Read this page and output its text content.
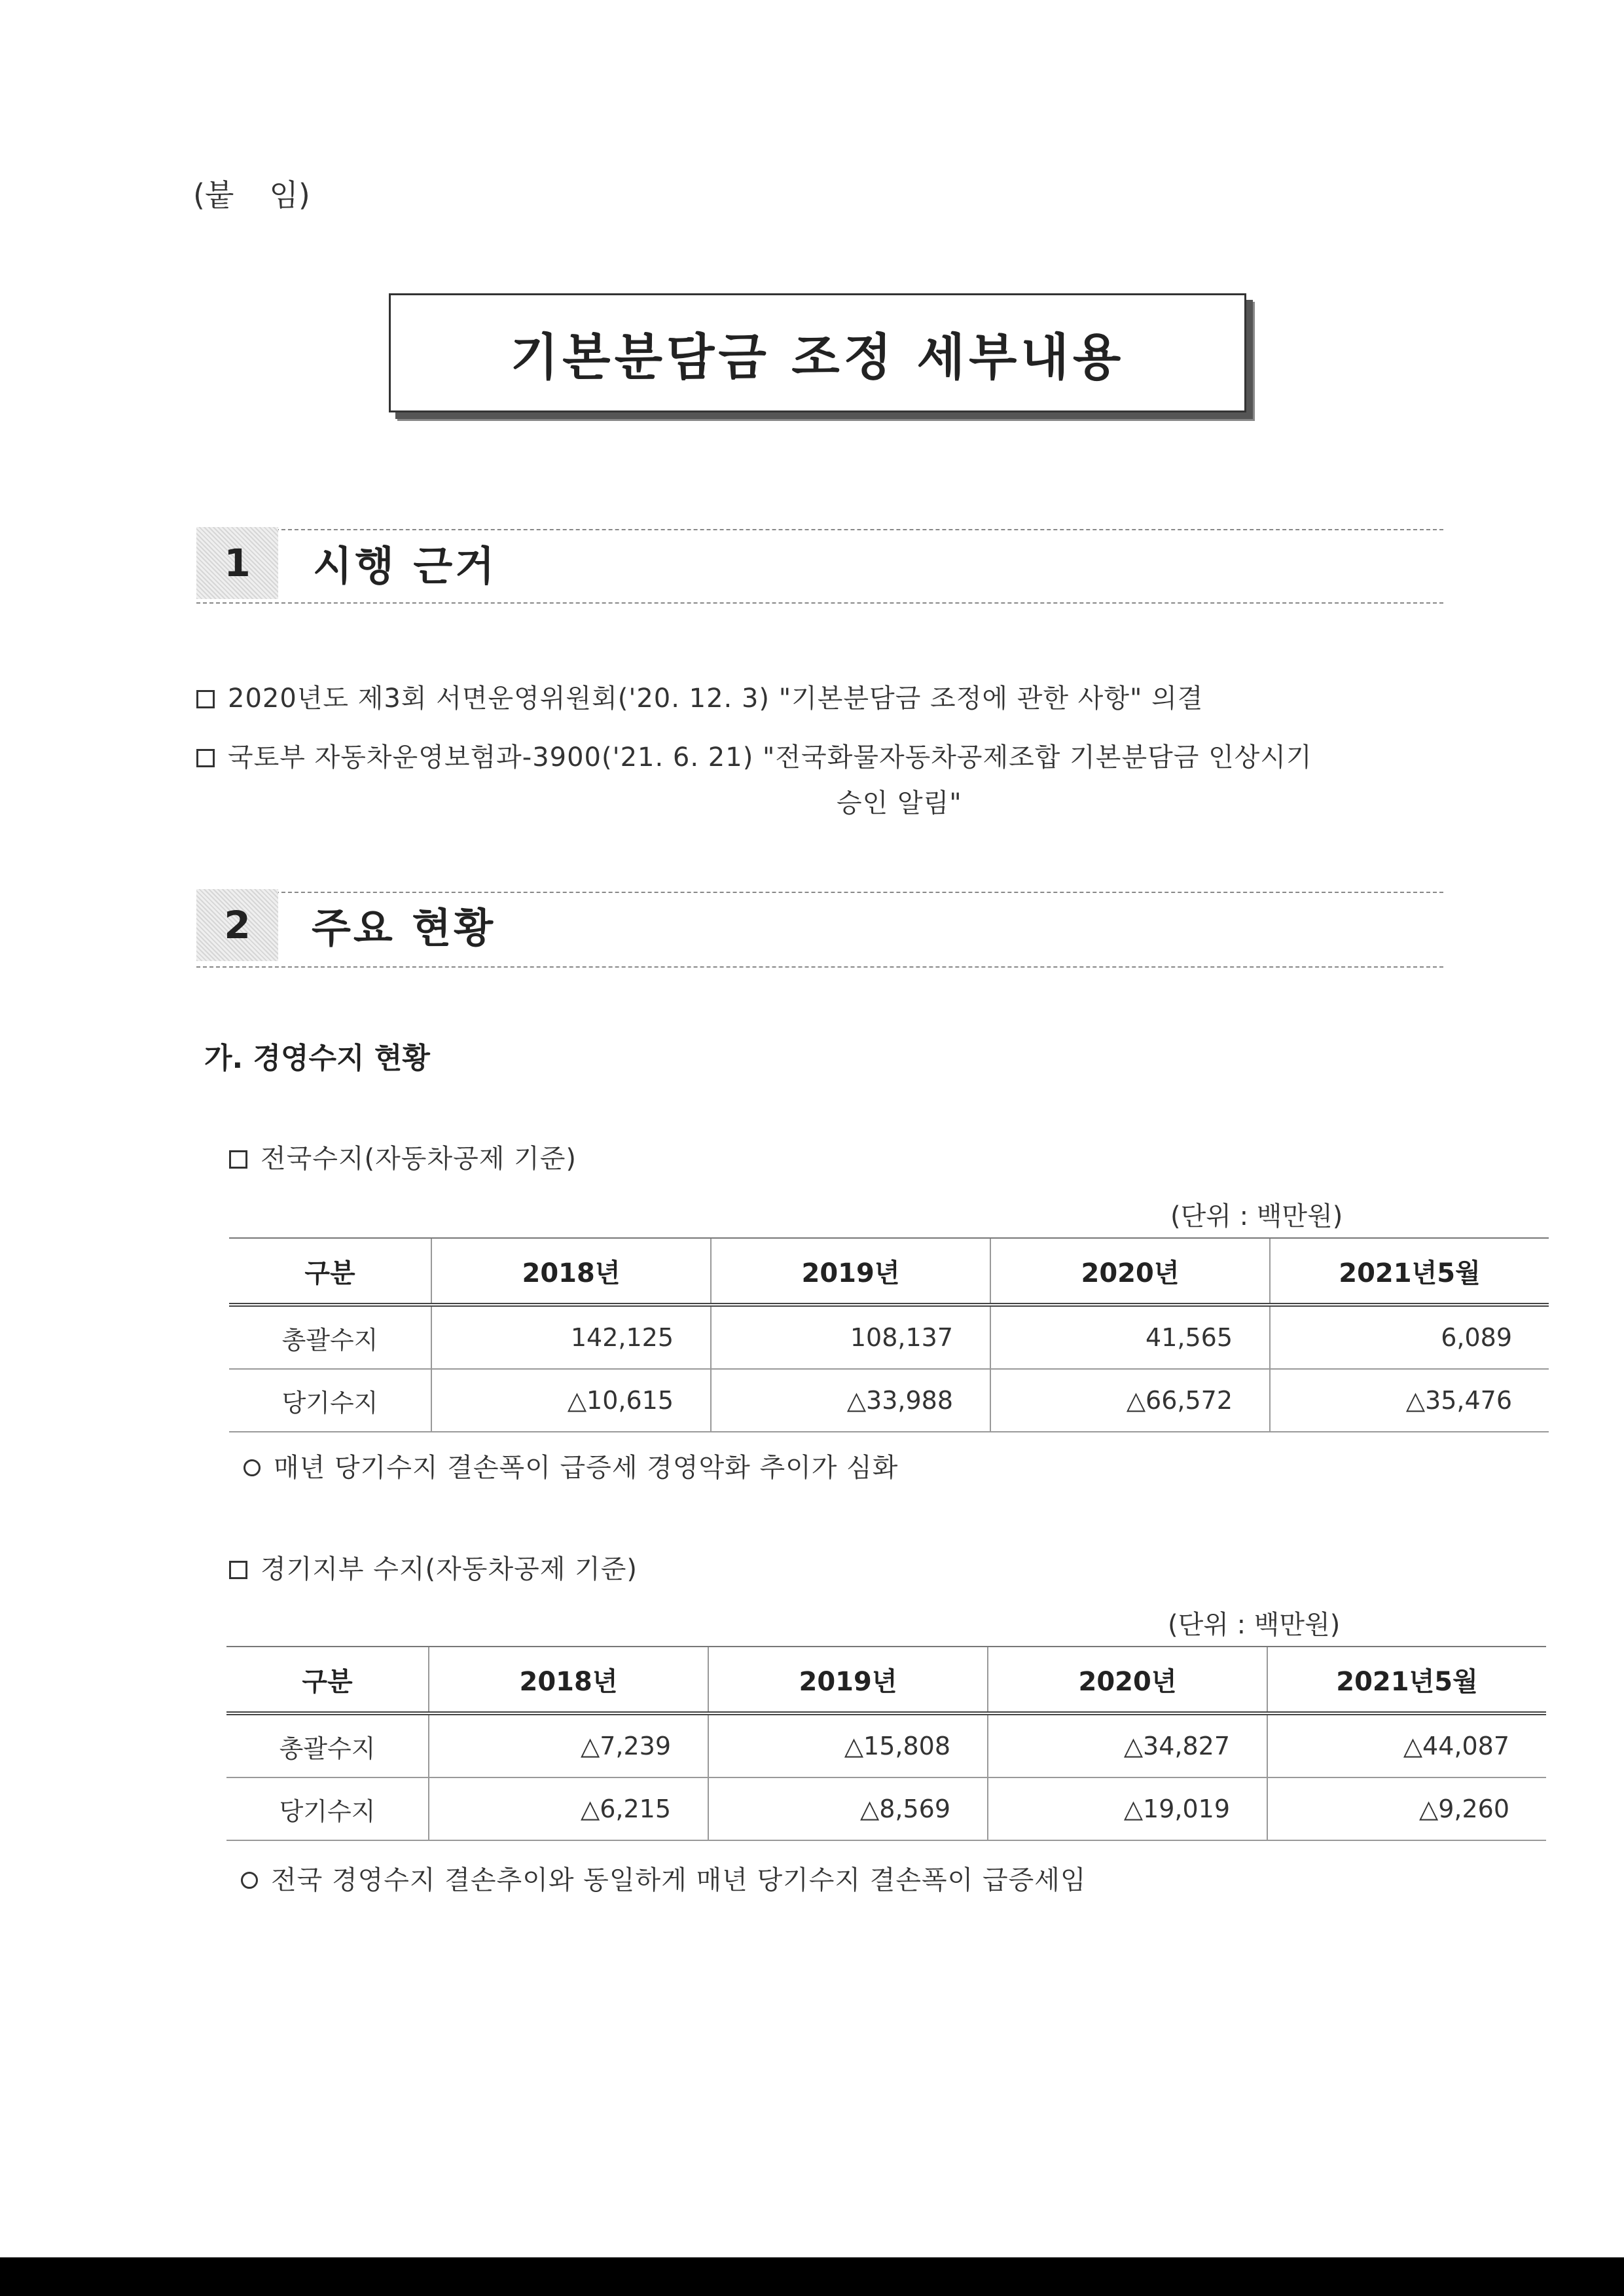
(붙 임)
기본분담금 조정 세부내용
1	시행 근거
2020년도 제3회 서면운영위원회('20. 12. 3) "기본분담금 조정에 관한 사항" 의결
국토부 자동차운영보험과-3900('21. 6. 21) "전국화물자동차공제조합 기본분담금 인상시기
승인 알림"
2	주요 현황
가. 경영수지 현황
전국수지(자동차공제 기준)
(단위 : 백만원)
구분	2018년	2019년	2020년	2021년5월
총괄수지	142,125	108,137	41,565	6,089
당기수지	△10,615	△33,988	△66,572	△35,476
매년 당기수지 결손폭이 급증세 경영악화 추이가 심화
경기지부 수지(자동차공제 기준)
(단위 : 백만원)
구분	2018년	2019년	2020년	2021년5월
총괄수지	△7,239	△15,808	△34,827	△44,087
당기수지	△6,215	△8,569	△19,019	△9,260
전국 경영수지 결손추이와 동일하게 매년 당기수지 결손폭이 급증세임
